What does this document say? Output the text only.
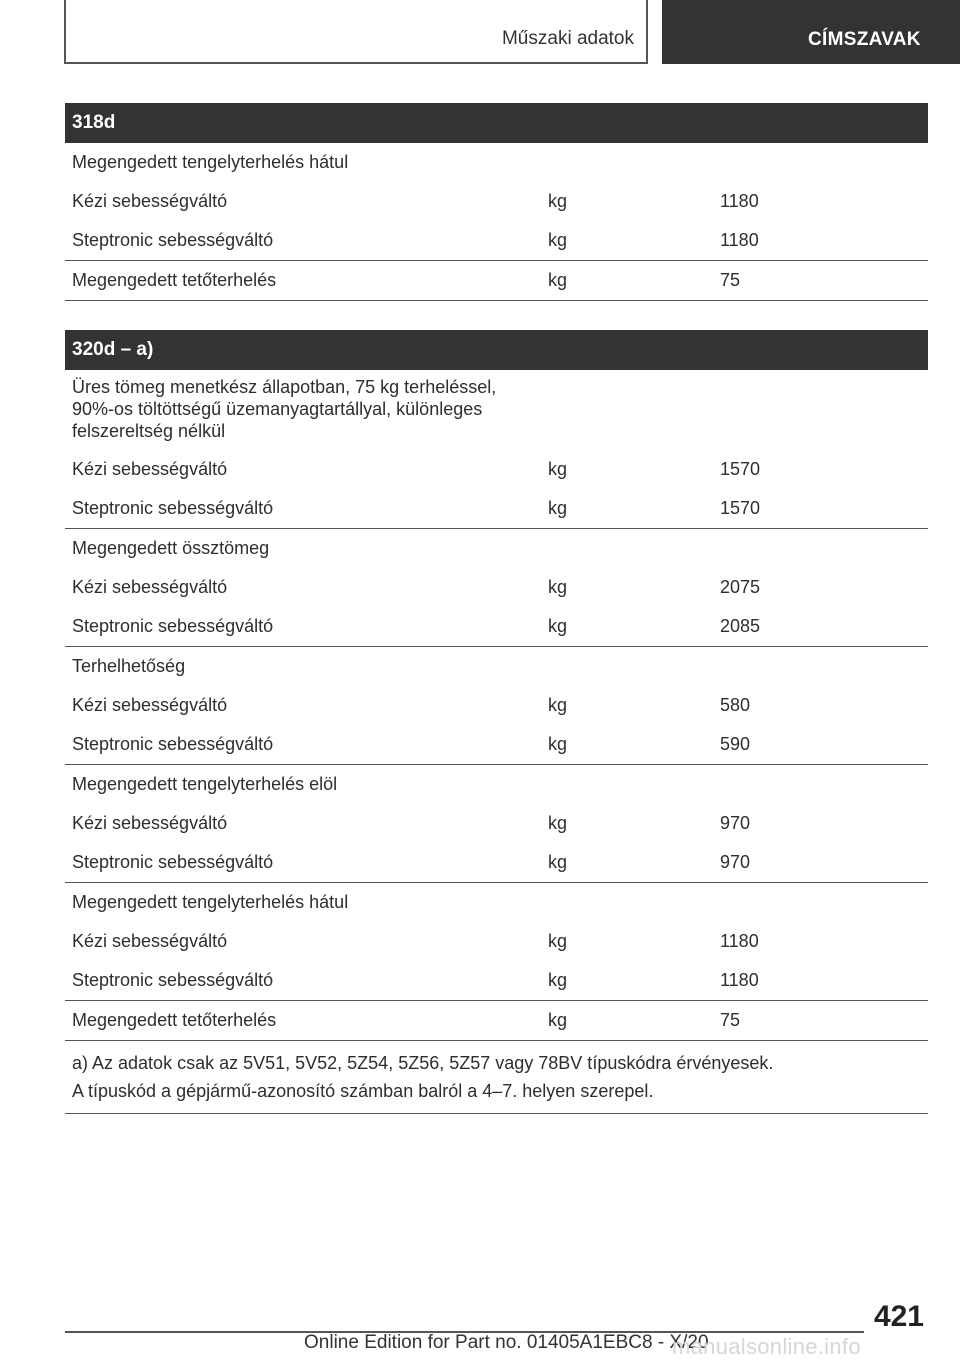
Műszaki adatok	CÍMSZAVAK
318d
Megengedett tengelyterhelés hátul
Kézi sebességváltó	kg	1180
Steptronic sebességváltó	kg	1180
Megengedett tetőterhelés	kg	75
320d – a)
Üres tömeg menetkész állapotban, 75 kg terheléssel, 90%-os töltöttségű üzemanyagtartállyal, különleges felszereltség nélkül
Kézi sebességváltó	kg	1570
Steptronic sebességváltó	kg	1570
Megengedett össztömeg
Kézi sebességváltó	kg	2075
Steptronic sebességváltó	kg	2085
Terhelhetőség
Kézi sebességváltó	kg	580
Steptronic sebességváltó	kg	590
Megengedett tengelyterhelés elöl
Kézi sebességváltó	kg	970
Steptronic sebességváltó	kg	970
Megengedett tengelyterhelés hátul
Kézi sebességváltó	kg	1180
Steptronic sebességváltó	kg	1180
Megengedett tetőterhelés	kg	75
a) Az adatok csak az 5V51, 5V52, 5Z54, 5Z56, 5Z57 vagy 78BV típuskódra érvényesek.
A típuskód a gépjármű-azonosító számban balról a 4–7. helyen szerepel.
421
Online Edition for Part no. 01405A1EBC8 - X/20
manualsonline.info
